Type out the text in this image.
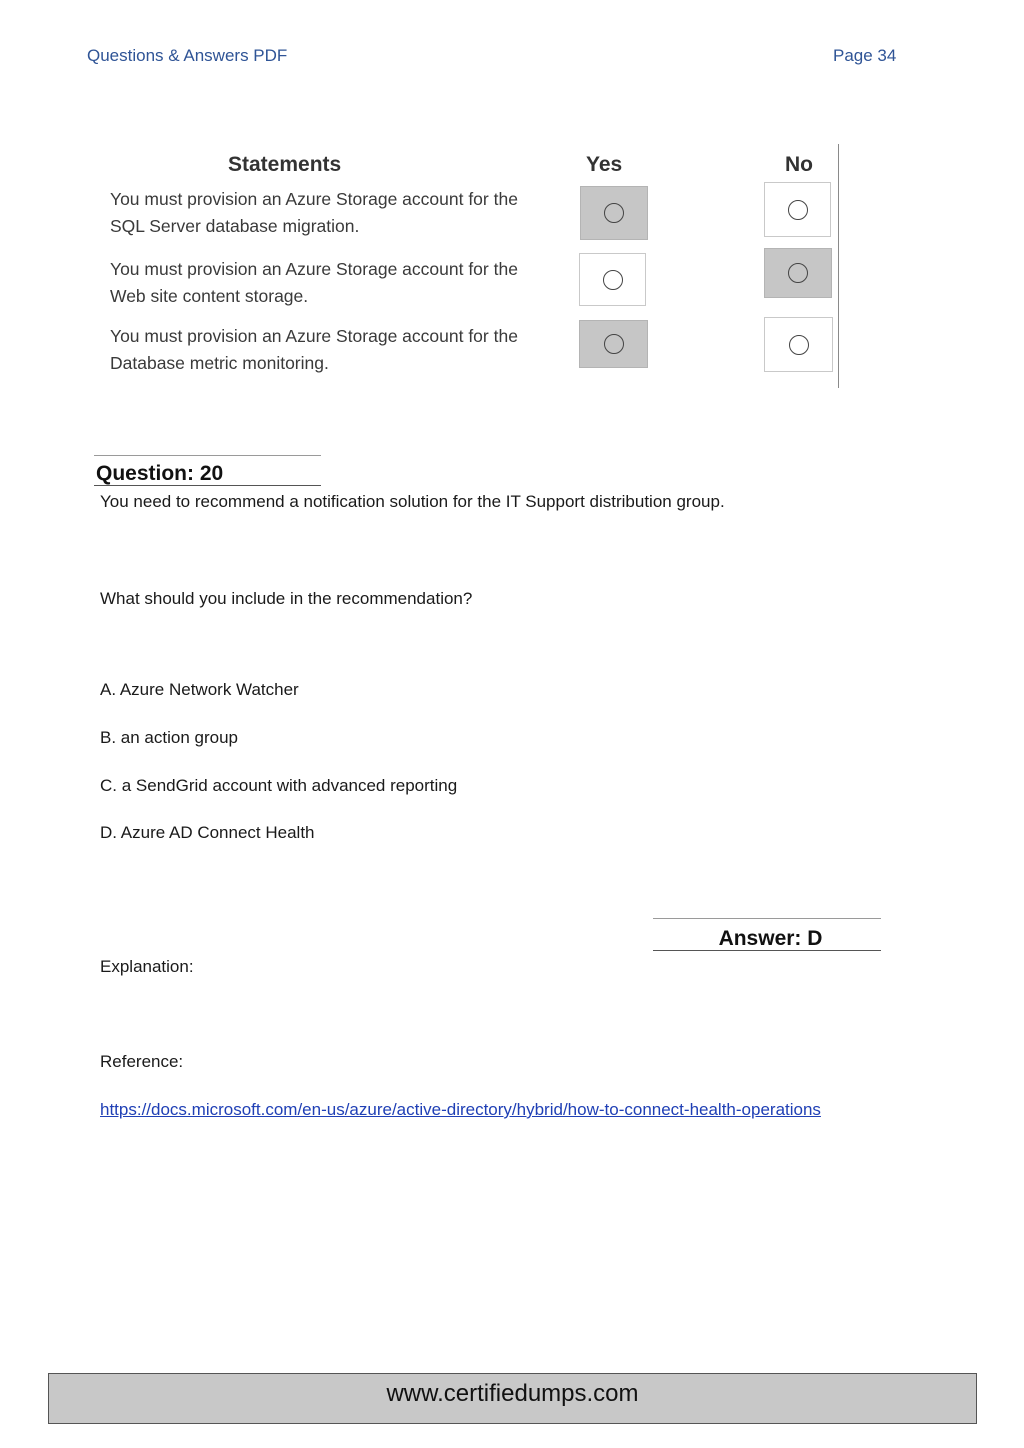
Questions & Answers PDF	Page 34
Statements	Yes	No
You must provision an Azure Storage account for the
SQL Server database migration.
You must provision an Azure Storage account for the
Web site content storage.
You must provision an Azure Storage account for the
Database metric monitoring.
Question: 20
You need to recommend a notification solution for the IT Support distribution group.
What should you include in the recommendation?
A. Azure Network Watcher
B. an action group
C. a SendGrid account with advanced reporting
D. Azure AD Connect Health
Answer: D
Explanation:
Reference:
https://docs.microsoft.com/en-us/azure/active-directory/hybrid/how-to-connect-health-operations
www.certifiedumps.com
